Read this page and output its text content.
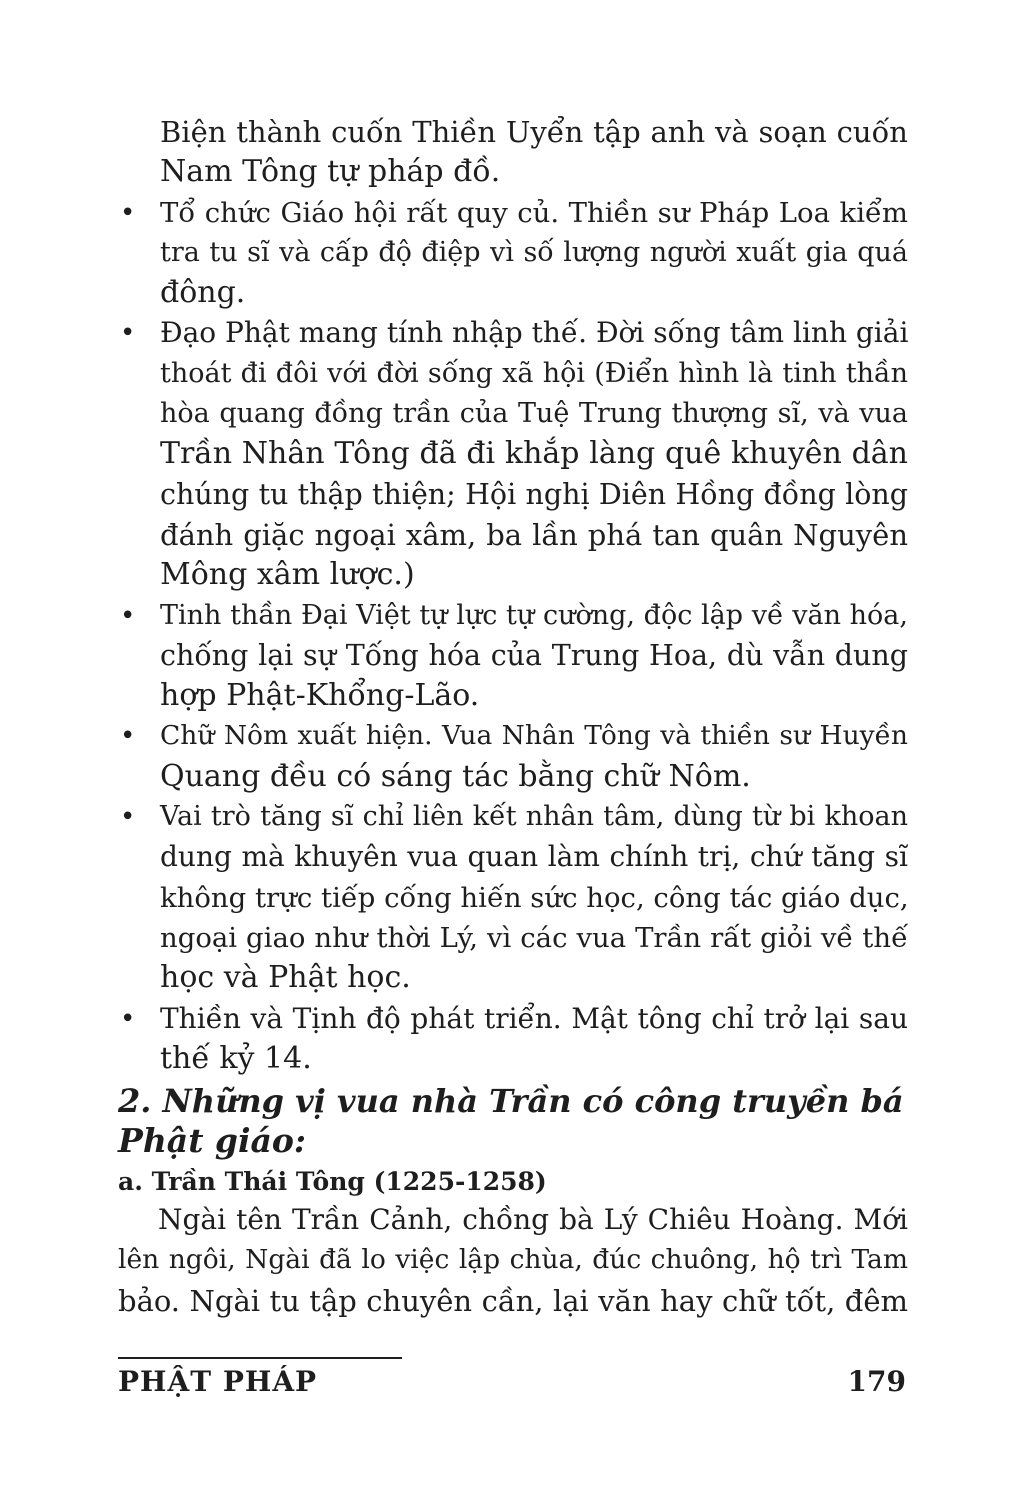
Biện thành cuốn Thiền Uyển tập anh và soạn cuốn
Nam Tông tự pháp đồ.
• Tổ chức Giáo hội rất quy củ. Thiền sư Pháp Loa kiểm
tra tu sĩ và cấp độ điệp vì số lượng người xuất gia quá
đông.
• Đạo Phật mang tính nhập thế. Đời sống tâm linh giải
thoát đi đôi với đời sống xã hội (Điển hình là tinh thần
hòa quang đồng trần của Tuệ Trung thượng sĩ, và vua
Trần Nhân Tông đã đi khắp làng quê khuyên dân
chúng tu thập thiện; Hội nghị Diên Hồng đồng lòng
đánh giặc ngoại xâm, ba lần phá tan quân Nguyên
Mông xâm lược.)
• Tinh thần Đại Việt tự lực tự cường, độc lập về văn hóa,
chống lại sự Tống hóa của Trung Hoa, dù vẫn dung
hợp Phật-Khổng-Lão.
• Chữ Nôm xuất hiện. Vua Nhân Tông và thiền sư Huyền
Quang đều có sáng tác bằng chữ Nôm.
• Vai trò tăng sĩ chỉ liên kết nhân tâm, dùng từ bi khoan
dung mà khuyên vua quan làm chính trị, chứ tăng sĩ
không trực tiếp cống hiến sức học, công tác giáo dục,
ngoại giao như thời Lý, vì các vua Trần rất giỏi về thế
học và Phật học.
• Thiền và Tịnh độ phát triển. Mật tông chỉ trở lại sau
thế kỷ 14.
2. Những vị vua nhà Trần có công truyền bá
Phật giáo:
a. Trần Thái Tông (1225-1258)
Ngài tên Trần Cảnh, chồng bà Lý Chiêu Hoàng. Mới
lên ngôi, Ngài đã lo việc lập chùa, đúc chuông, hộ trì Tam
bảo. Ngài tu tập chuyên cần, lại văn hay chữ tốt, đêm
PHẬT PHÁP	179
